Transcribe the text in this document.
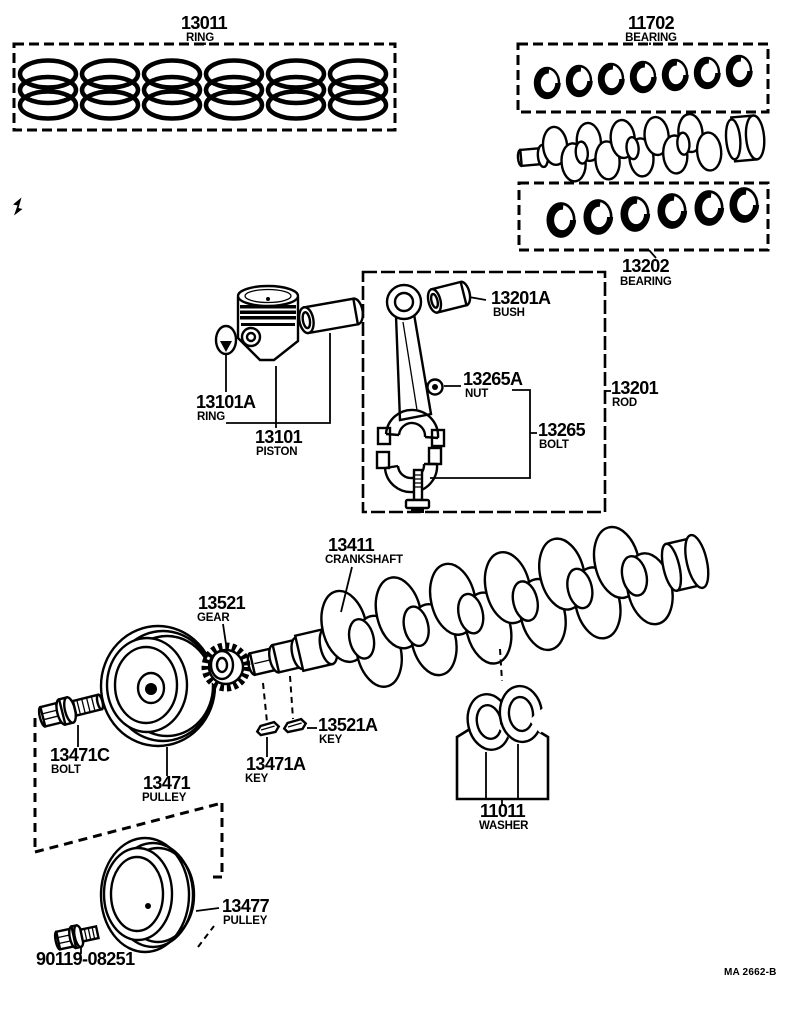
13011
RING
11702
BEARING
13202
BEARING
13201A
BUSH
13201
ROD
13265A
NUT
13265
BOLT
13101A
RING
13101
PISTON
13411
CRANKSHAFT
13521
GEAR
13521A
KEY
13471
PULLEY
13471C
BOLT	13471A
KEY
11011
WASHER
13477
PULLEY
90119-08251
MA 2662-B
